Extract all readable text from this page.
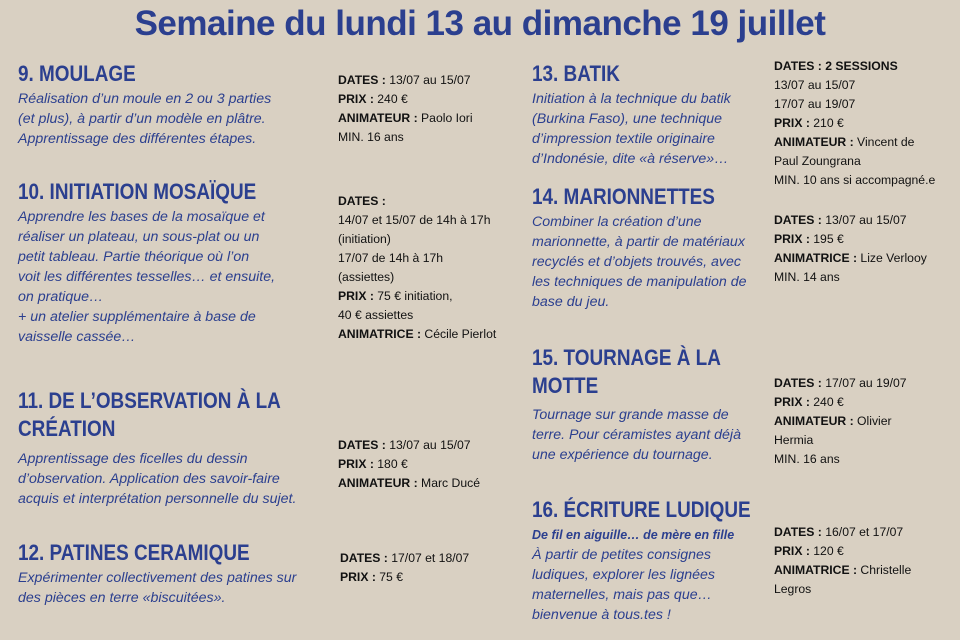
Semaine du lundi 13 au dimanche 19 juillet
9. MOULAGE
Réalisation d’un moule en 2 ou 3 parties
(et plus), à partir d’un modèle en plâtre.
Apprentissage des différentes étapes.
DATES : 13/07 au 15/07
PRIX : 240 €
ANIMATEUR : Paolo Iori
MIN. 16 ans
10. INITIATION MOSAÏQUE
Apprendre les bases de la mosaïque et
réaliser un plateau, un sous-plat ou un
petit tableau. Partie théorique où l’on
voit les différentes tesselles… et ensuite,
on pratique…
+ un atelier supplémentaire à base de
vaisselle cassée…
DATES :
14/07 et 15/07 de 14h à 17h
(initiation)
17/07 de 14h à 17h
(assiettes)
PRIX : 75 € initiation,
40 € assiettes
ANIMATRICE : Cécile Pierlot
11. DE L’OBSERVATION À LA
CRÉATION
Apprentissage des ficelles du dessin
d’observation. Application des savoir-faire
acquis et interprétation personnelle du sujet.
DATES : 13/07 au 15/07
PRIX : 180 €
ANIMATEUR : Marc Ducé
12. PATINES CERAMIQUE
Expérimenter collectivement des patines sur
des pièces en terre «biscuitées».
DATES : 17/07 et 18/07
PRIX : 75 €
13. BATIK
Initiation à la technique du batik
(Burkina Faso), une technique
d’impression textile originaire
d’Indonésie, dite «à réserve»…
DATES : 2 SESSIONS
13/07 au 15/07
17/07 au 19/07
PRIX : 210 €
ANIMATEUR : Vincent de
Paul Zoungrana
MIN. 10 ans si accompagné.e
14. MARIONNETTES
Combiner la création d’une
marionnette, à partir de matériaux
recyclés et d’objets trouvés, avec
les techniques de manipulation de
base du jeu.
DATES : 13/07 au 15/07
PRIX : 195 €
ANIMATRICE : Lize Verlooy
MIN. 14 ans
15. TOURNAGE À LA
MOTTE
Tournage sur grande masse de
terre. Pour céramistes ayant déjà
une expérience du tournage.
DATES : 17/07 au 19/07
PRIX : 240 €
ANIMATEUR : Olivier
Hermia
MIN. 16 ans
16. ÉCRITURE LUDIQUE
De fil en aiguille… de mère en fille
À partir de petites consignes
ludiques, explorer les lignées
maternelles, mais pas que…
bienvenue à tous.tes !
DATES : 16/07 et 17/07
PRIX : 120 €
ANIMATRICE : Christelle
Legros
